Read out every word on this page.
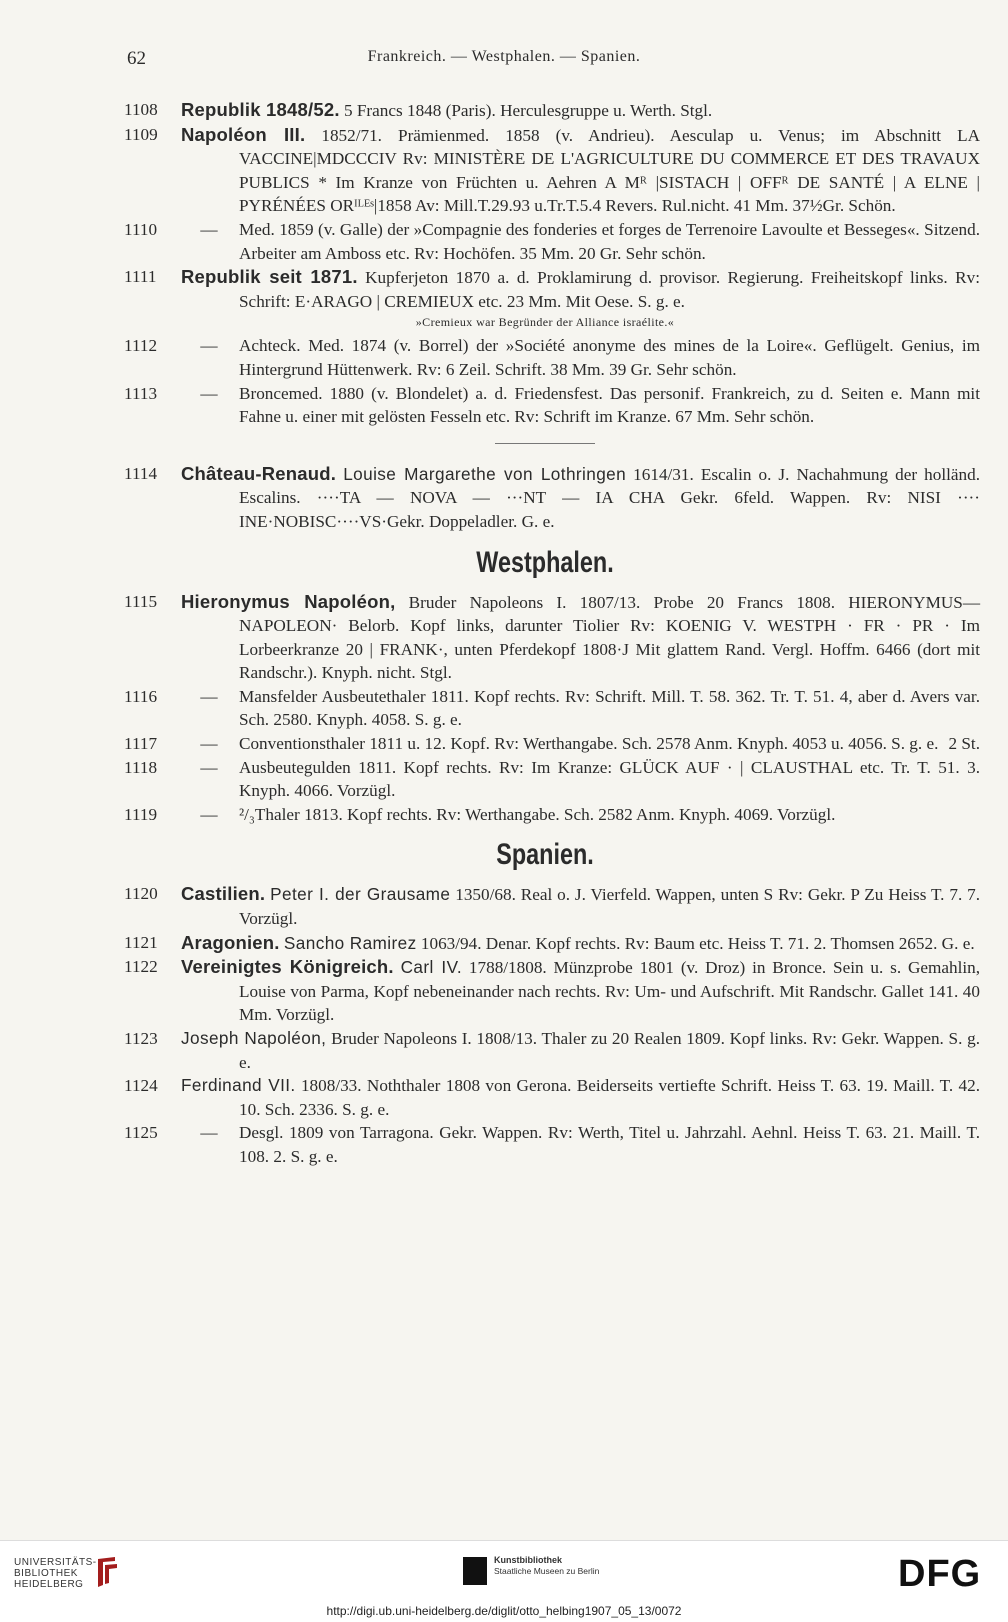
62	Frankreich. — Westphalen. — Spanien.
1108	Republik 1848/52. 5 Francs 1848 (Paris). Herculesgruppe u. Werth. Stgl.
1109	Napoléon III. 1852/71. Prämienmed. 1858 (v. Andrieu). Aesculap u. Venus; im Abschnitt LA VACCINE|MDCCCIV Rv: MINISTÈRE DE L'AGRICULTURE DU COMMERCE ET DES TRAVAUX PUBLICS * Im Kranze von Früchten u. Aehren A Mᴿ |SISTACH | OFFᴿ DE SANTÉ | A ELNE | PYRÉNÉES ORᴵᴸᴱˢ|1858 Av: Mill.T.29.93 u.Tr.T.5.4 Revers. Rul.nicht. 41 Mm. 37½Gr. Schön.
1110	—	Med. 1859 (v. Galle) der »Compagnie des fonderies et forges de Terrenoire Lavoulte et Besseges«. Sitzend. Arbeiter am Amboss etc. Rv: Hochöfen. 35 Mm. 20 Gr. Sehr schön.
1111	Republik seit 1871. Kupferjeton 1870 a. d. Proklamirung d. provisor. Regierung. Freiheitskopf links. Rv: Schrift: E·ARAGO | CREMIEUX etc. 23 Mm. Mit Oese. S. g. e.
»Cremieux war Begründer der Alliance israélite.«
1112	—	Achteck. Med. 1874 (v. Borrel) der »Société anonyme des mines de la Loire«. Geflügelt. Genius, im Hintergrund Hüttenwerk. Rv: 6 Zeil. Schrift. 38 Mm. 39 Gr. Sehr schön.
1113	—	Broncemed. 1880 (v. Blondelet) a. d. Friedensfest. Das personif. Frankreich, zu d. Seiten e. Mann mit Fahne u. einer mit gelösten Fesseln etc. Rv: Schrift im Kranze. 67 Mm. Sehr schön.
1114	Château-Renaud. Louise Margarethe von Lothringen 1614/31. Escalin o. J. Nachahmung der holländ. Escalins. ····TA — NOVA — ···NT — IA CHA Gekr. 6feld. Wappen. Rv: NISI ···· INE·NOBISC····VS·Gekr. Doppeladler. G. e.
Westphalen.
1115	Hieronymus Napoléon, Bruder Napoleons I. 1807/13. Probe 20 Francs 1808. HIERONYMUS—NAPOLEON· Belorb. Kopf links, darunter Tiolier Rv: KOENIG V. WESTPH · FR · PR · Im Lorbeerkranze 20 | FRANK·, unten Pferdekopf 1808·J Mit glattem Rand. Vergl. Hoffm. 6466 (dort mit Randschr.). Knyph. nicht. Stgl.
1116	—	Mansfelder Ausbeutethaler 1811. Kopf rechts. Rv: Schrift. Mill. T. 58. 362. Tr. T. 51. 4, aber d. Avers var. Sch. 2580. Knyph. 4058. S. g. e.
1117	—	Conventionsthaler 1811 u. 12. Kopf. Rv: Werthangabe. Sch. 2578 Anm. Knyph. 4053 u. 4056. S. g. e. 2 St.
1118	—	Ausbeutegulden 1811. Kopf rechts. Rv: Im Kranze: GLÜCK AUF · | CLAUSTHAL etc. Tr. T. 51. 3. Knyph. 4066. Vorzügl.
1119	—	²/₃Thaler 1813. Kopf rechts. Rv: Werthangabe. Sch. 2582 Anm. Knyph. 4069. Vorzügl.
Spanien.
1120	Castilien. Peter I. der Grausame 1350/68. Real o. J. Vierfeld. Wappen, unten S Rv: Gekr. P Zu Heiss T. 7. 7. Vorzügl.
1121	Aragonien. Sancho Ramirez 1063/94. Denar. Kopf rechts. Rv: Baum etc. Heiss T. 71. 2. Thomsen 2652. G. e.
1122	Vereinigtes Königreich. Carl IV. 1788/1808. Münzprobe 1801 (v. Droz) in Bronce. Sein u. s. Gemahlin, Louise von Parma, Kopf nebeneinander nach rechts. Rv: Um- und Aufschrift. Mit Randschr. Gallet 141. 40 Mm. Vorzügl.
1123	Joseph Napoléon, Bruder Napoleons I. 1808/13. Thaler zu 20 Realen 1809. Kopf links. Rv: Gekr. Wappen. S. g. e.
1124	Ferdinand VII. 1808/33. Noththaler 1808 von Gerona. Beiderseits vertiefte Schrift. Heiss T. 63. 19. Maill. T. 42. 10. Sch. 2336. S. g. e.
1125	—	Desgl. 1809 von Tarragona. Gekr. Wappen. Rv: Werth, Titel u. Jahrzahl. Aehnl. Heiss T. 63. 21. Maill. T. 108. 2. S. g. e.
UNIVERSITÄTS-
BIBLIOTHEK
HEIDELBERG
Kunstbibliothek
Staatliche Museen zu Berlin	DFG
http://digi.ub.uni-heidelberg.de/diglit/otto_helbing1907_05_13/0072
